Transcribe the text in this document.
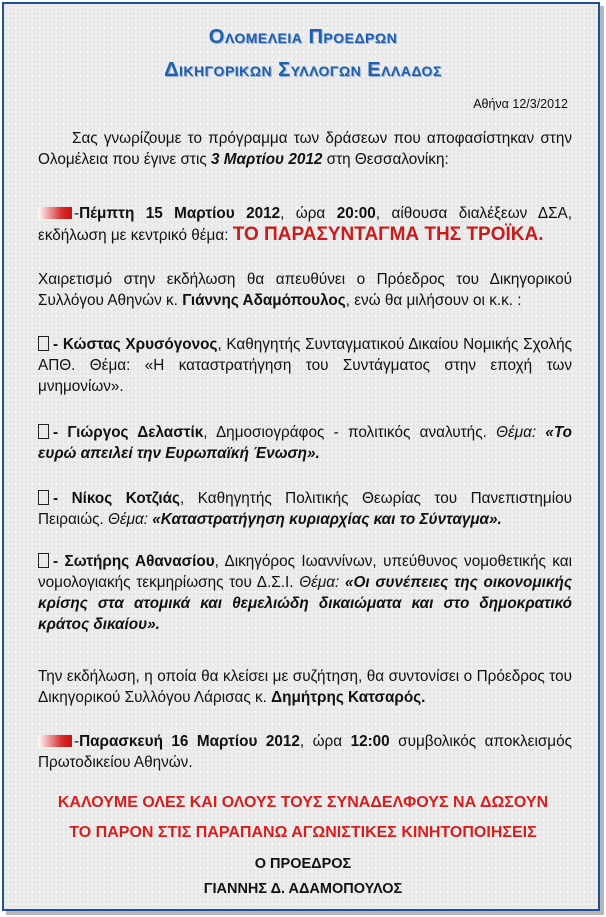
Ολομελεια Προεδρων
Δικηγορικων Συλλογων Ελλαδος
Αθήνα 12/3/2012
Σας γνωρίζουμε το πρόγραμμα των δράσεων που αποφασίστηκαν στην Ολομέλεια που έγινε στις 3 Μαρτίου 2012 στη Θεσσαλονίκη:
-Πέμπτη 15 Μαρτίου 2012, ώρα 20:00, αίθουσα διαλέξεων ΔΣΑ, εκδήλωση με κεντρικό θέμα: ΤΟ ΠΑΡΑΣΥΝΤΑΓΜΑ ΤΗΣ ΤΡΟΪΚΑ.
Χαιρετισμό στην εκδήλωση θα απευθύνει ο Πρόεδρος του Δικηγορικού Συλλόγου Αθηνών κ. Γιάννης Αδαμόπουλος, ενώ θα μιλήσουν οι κ.κ. :
- Κώστας Χρυσόγονος, Καθηγητής Συνταγματικού Δικαίου Νομικής Σχολής ΑΠΘ. Θέμα: «Η καταστρατήγηση του Συντάγματος στην εποχή των μνημονίων».
- Γιώργος Δελαστίκ, Δημοσιογράφος - πολιτικός αναλυτής. Θέμα: «Το ευρώ απειλεί την Ευρωπαϊκή Ένωση».
- Νίκος Κοτζιάς, Καθηγητής Πολιτικής Θεωρίας του Πανεπιστημίου Πειραιώς. Θέμα: «Καταστρατήγηση κυριαρχίας και το Σύνταγμα».
- Σωτήρης Αθανασίου, Δικηγόρος Ιωαννίνων, υπεύθυνος νομοθετικής και νομολογιακής τεκμηρίωσης του Δ.Σ.Ι. Θέμα: «Οι συνέπειες της οικονομικής κρίσης στα ατομικά και θεμελιώδη δικαιώματα και στο δημοκρατικό κράτος δικαίου».
Την εκδήλωση, η οποία θα κλείσει με συζήτηση, θα συντονίσει ο Πρόεδρος του Δικηγορικού Συλλόγου Λάρισας κ. Δημήτρης Κατσαρός.
-Παρασκευή 16 Μαρτίου 2012, ώρα 12:00 συμβολικός αποκλεισμός Πρωτοδικείου Αθηνών.
ΚΑΛΟΥΜΕ ΟΛΕΣ ΚΑΙ ΟΛΟΥΣ ΤΟΥΣ ΣΥΝΑΔΕΛΦΟΥΣ ΝΑ ΔΩΣΟΥΝ
ΤΟ ΠΑΡΟΝ ΣΤΙΣ ΠΑΡΑΠΑΝΩ ΑΓΩΝΙΣΤΙΚΕΣ ΚΙΝΗΤΟΠΟΙΗΣΕΙΣ
Ο ΠΡΟΕΔΡΟΣ
ΓΙΑΝΝΗΣ Δ. ΑΔΑΜΟΠΟΥΛΟΣ
